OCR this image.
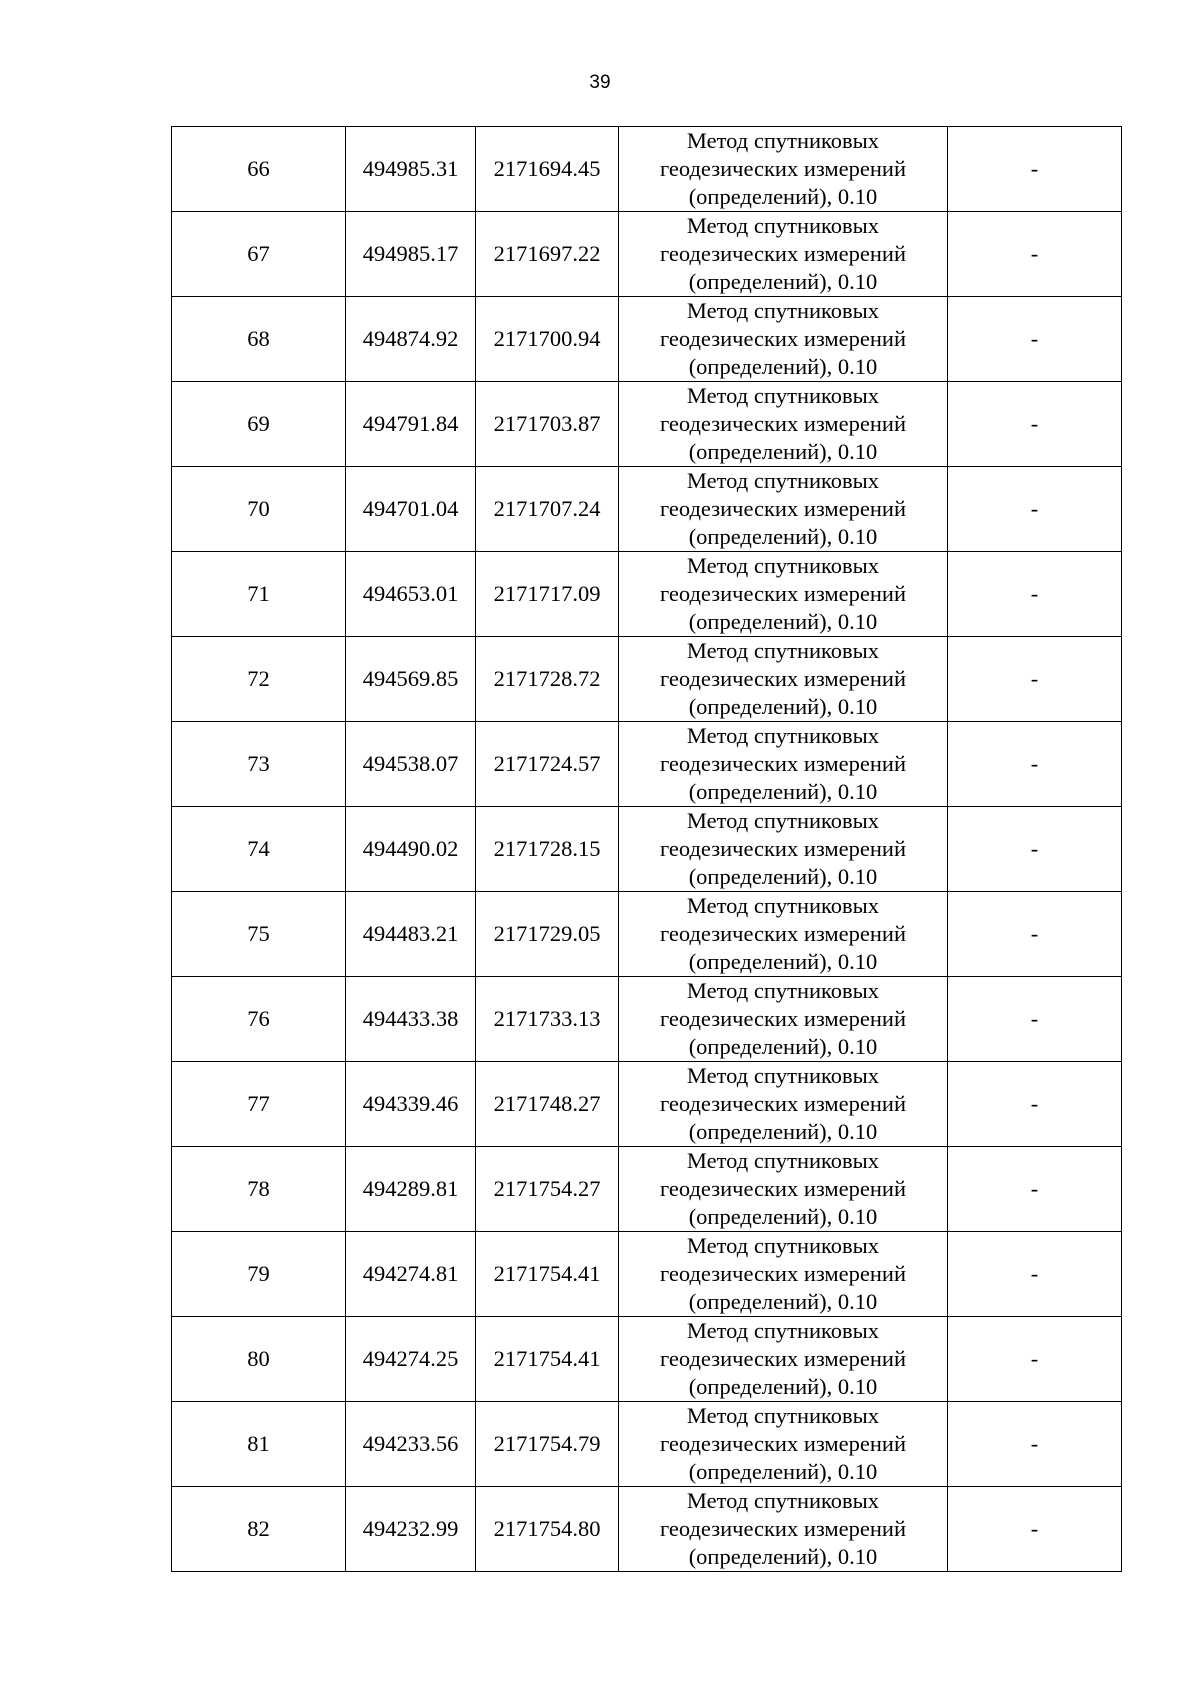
39
66	494985.31	2171694.45	Метод спутниковых
геодезических измерений
(определений), 0.10	-
67	494985.17	2171697.22	Метод спутниковых
геодезических измерений
(определений), 0.10	-
68	494874.92	2171700.94	Метод спутниковых
геодезических измерений
(определений), 0.10	-
69	494791.84	2171703.87	Метод спутниковых
геодезических измерений
(определений), 0.10	-
70	494701.04	2171707.24	Метод спутниковых
геодезических измерений
(определений), 0.10	-
71	494653.01	2171717.09	Метод спутниковых
геодезических измерений
(определений), 0.10	-
72	494569.85	2171728.72	Метод спутниковых
геодезических измерений
(определений), 0.10	-
73	494538.07	2171724.57	Метод спутниковых
геодезических измерений
(определений), 0.10	-
74	494490.02	2171728.15	Метод спутниковых
геодезических измерений
(определений), 0.10	-
75	494483.21	2171729.05	Метод спутниковых
геодезических измерений
(определений), 0.10	-
76	494433.38	2171733.13	Метод спутниковых
геодезических измерений
(определений), 0.10	-
77	494339.46	2171748.27	Метод спутниковых
геодезических измерений
(определений), 0.10	-
78	494289.81	2171754.27	Метод спутниковых
геодезических измерений
(определений), 0.10	-
79	494274.81	2171754.41	Метод спутниковых
геодезических измерений
(определений), 0.10	-
80	494274.25	2171754.41	Метод спутниковых
геодезических измерений
(определений), 0.10	-
81	494233.56	2171754.79	Метод спутниковых
геодезических измерений
(определений), 0.10	-
82	494232.99	2171754.80	Метод спутниковых
геодезических измерений
(определений), 0.10	-
